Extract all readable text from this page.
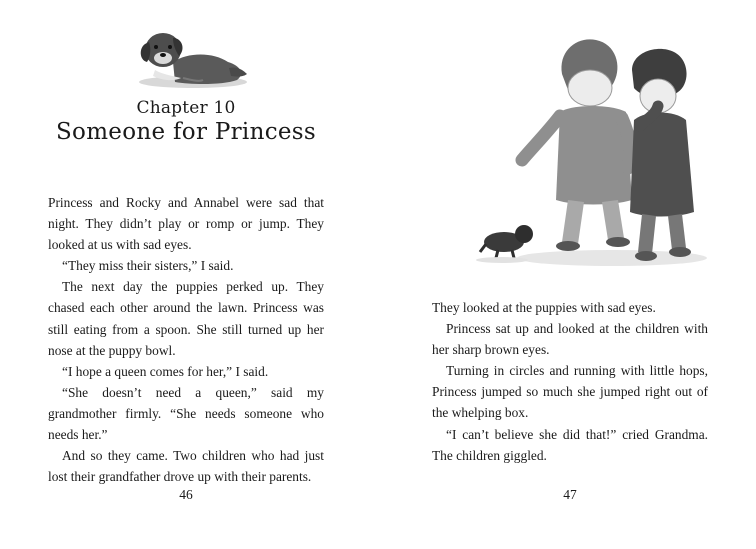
Chapter 10
Someone for Princess

Princess and Rocky and Annabel were sad that night. They didn’t play or romp or jump. They looked at us with sad eyes.

“They miss their sisters,” I said.

The next day the puppies perked up. They chased each other around the lawn. Princess was still eating from a spoon. She still turned up her nose at the puppy bowl.

“I hope a queen comes for her,” I said.

“She doesn’t need a queen,” said my grandmother firmly. “She needs someone who needs her.”

And so they came. Two children who had just lost their grandfather drove up with their parents.

46

They looked at the puppies with sad eyes.

Princess sat up and looked at the children with her sharp brown eyes.

Turning in circles and running with little hops, Princess jumped so much she jumped right out of the whelping box.

“I can’t believe she did that!” cried Grandma. The children giggled.

47
